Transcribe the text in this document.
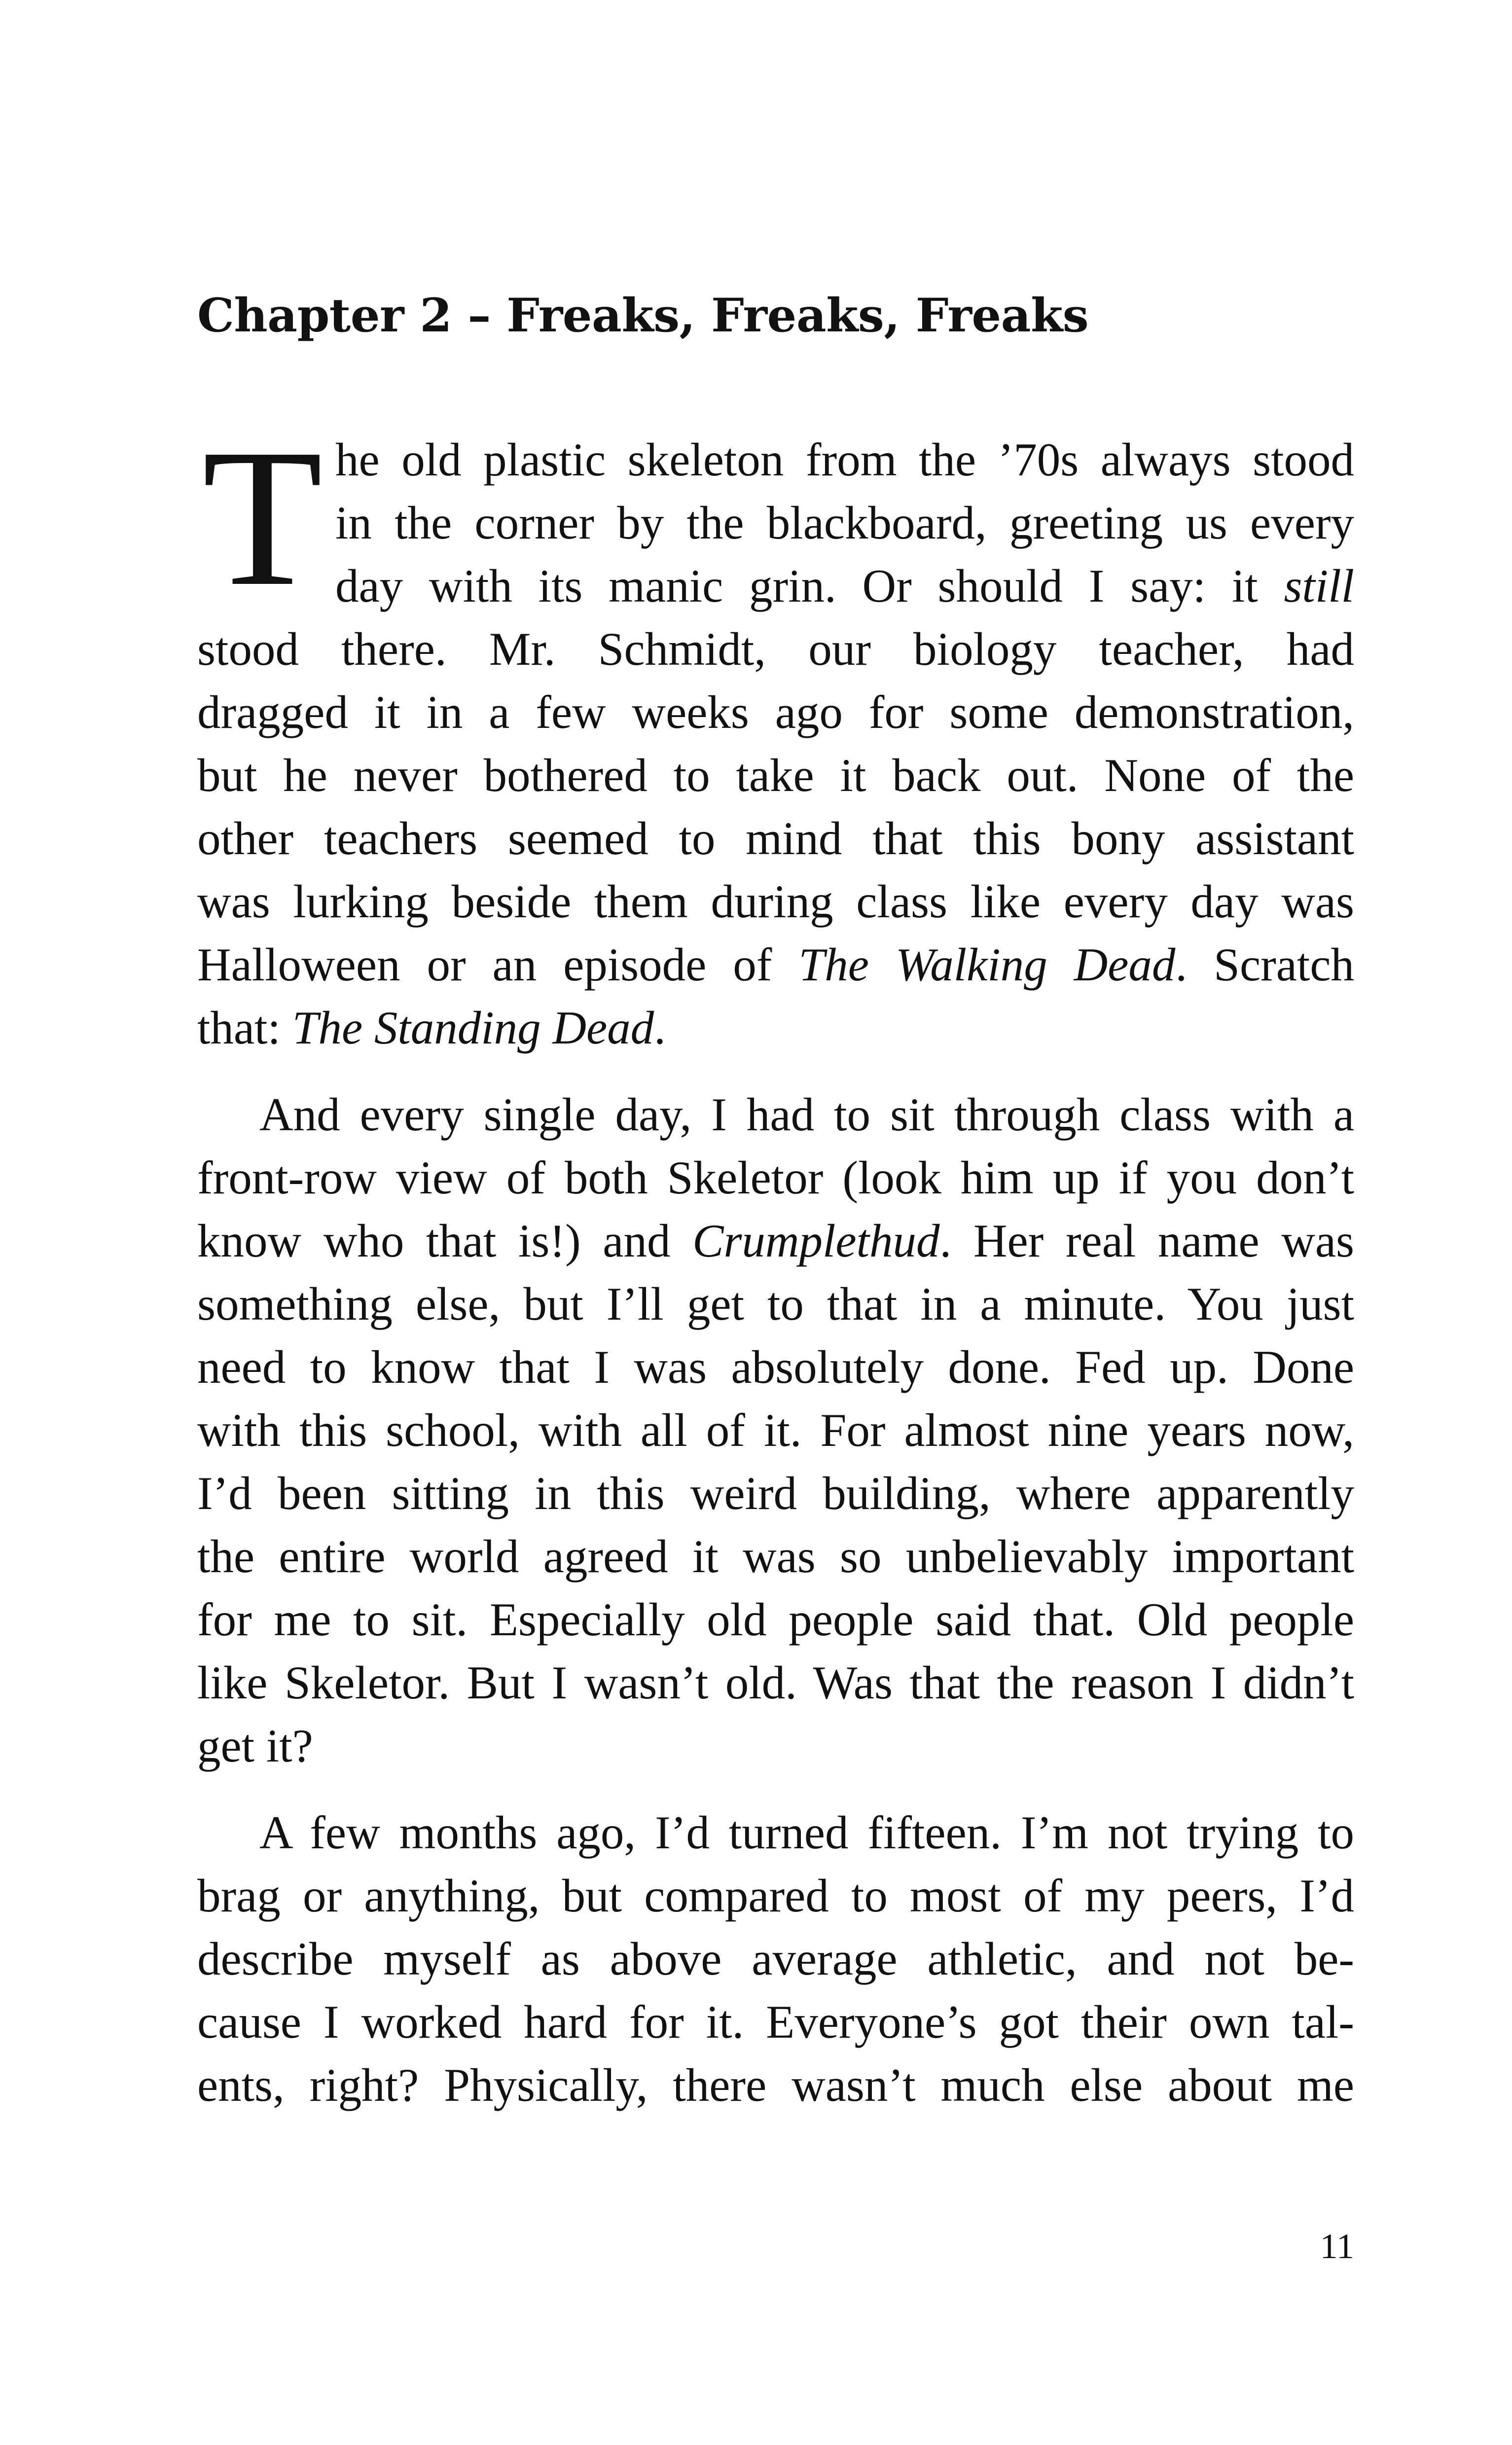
Chapter 2 – Freaks, Freaks, Freaks
T he old plastic skeleton from the ’70s always stood
in the corner by the blackboard, greeting us every
day with its manic grin. Or should I say: it still
stood there. Mr. Schmidt, our biology teacher, had
dragged it in a few weeks ago for some demonstration,
but he never bothered to take it back out. None of the
other teachers seemed to mind that this bony assistant
was lurking beside them during class like every day was
Halloween or an episode of The Walking Dead. Scratch
that: The Standing Dead.
And every single day, I had to sit through class with a
front-row view of both Skeletor (look him up if you don’t
know who that is!) and Crumplethud. Her real name was
something else, but I’ll get to that in a minute. You just
need to know that I was absolutely done. Fed up. Done
with this school, with all of it. For almost nine years now,
I’d been sitting in this weird building, where apparently
the entire world agreed it was so unbelievably important
for me to sit. Especially old people said that. Old people
like Skeletor. But I wasn’t old. Was that the reason I didn’t
get it?
A few months ago, I’d turned fifteen. I’m not trying to
brag or anything, but compared to most of my peers, I’d
describe myself as above average athletic, and not be-
cause I worked hard for it. Everyone’s got their own tal-
ents, right? Physically, there wasn’t much else about me
11
